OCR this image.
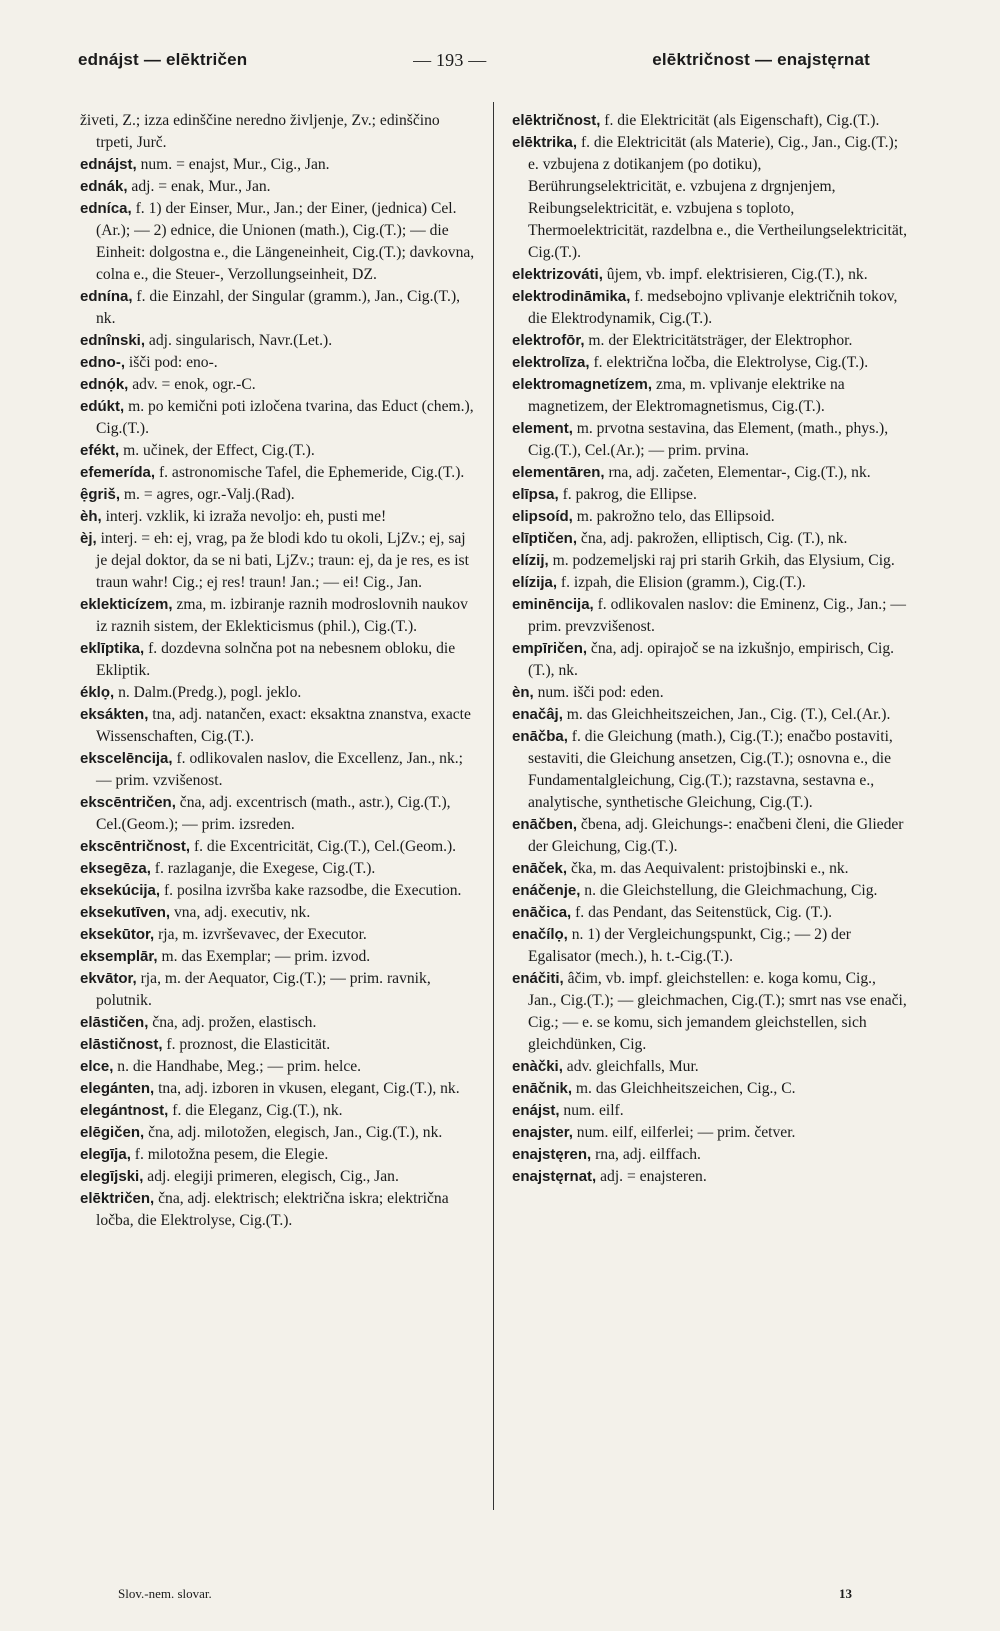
ednájst — elēktričen	— 193 —	elēktričnost — enajstęrnat

živeti, Z.; izza edinščine neredno življenje, Zv.; edinščino trpeti, Jurč.

ednájst, num. = enajst, Mur., Cig., Jan.

ednák, adj. = enak, Mur., Jan.

edníca, f. 1) der Einser, Mur., Jan.; der Einer, (jednica) Cel.(Ar.); — 2) ednice, die Unionen (math.), Cig.(T.); — die Einheit: dolgostna e., die Längeneinheit, Cig.(T.); davkovna, colna e., die Steuer-, Verzollungseinheit, DZ.

ednína, f. die Einzahl, der Singular (gramm.), Jan., Cig.(T.), nk.

ednînski, adj. singularisch, Navr.(Let.).

edno-, išči pod: eno-.

ednọ́k, adv. = enok, ogr.-C.

edúkt, m. po kemični poti izločena tvarina, das Educt (chem.), Cig.(T.).

efékt, m. učinek, der Effect, Cig.(T.).

efemerída, f. astronomische Tafel, die Ephemeride, Cig.(T.).

ẹ̑griš, m. = agres, ogr.-Valj.(Rad).

èh, interj. vzklik, ki izraža nevoljo: eh, pusti me!

èj, interj. = eh: ej, vrag, pa že blodi kdo tu okoli, LjZv.; ej, saj je dejal doktor, da se ni bati, LjZv.; traun: ej, da je res, es ist traun wahr! Cig.; ej res! traun! Jan.; — ei! Cig., Jan.

eklekticízem, zma, m. izbiranje raznih modroslovnih naukov iz raznih sistem, der Eklekticismus (phil.), Cig.(T.).

eklīptika, f. dozdevna solnčna pot na nebesnem obloku, die Ekliptik.

éklọ, n. Dalm.(Predg.), pogl. jeklo.

eksákten, tna, adj. natančen, exact: eksaktna znanstva, exacte Wissenschaften, Cig.(T.).

ekscelēncija, f. odlikovalen naslov, die Excellenz, Jan., nk.; — prim. vzvišenost.

ekscēntričen, čna, adj. excentrisch (math., astr.), Cig.(T.), Cel.(Geom.); — prim. izsreden.

ekscēntričnost, f. die Excentricität, Cig.(T.), Cel.(Geom.).

eksegēza, f. razlaganje, die Exegese, Cig.(T.).

eksekúcija, f. posilna izvršba kake razsodbe, die Execution.

eksekutīven, vna, adj. executiv, nk.

eksekūtor, rja, m. izvrševavec, der Executor.

eksemplār, m. das Exemplar; — prim. izvod.

ekvātor, rja, m. der Aequator, Cig.(T.); — prim. ravnik, polutnik.

elāstičen, čna, adj. prožen, elastisch.

elāstičnost, f. proznost, die Elasticität.

elce, n. die Handhabe, Meg.; — prim. helce.

elegánten, tna, adj. izboren in vkusen, elegant, Cig.(T.), nk.

elegántnost, f. die Eleganz, Cig.(T.), nk.

elēgičen, čna, adj. milotožen, elegisch, Jan., Cig.(T.), nk.

elegīja, f. milotožna pesem, die Elegie.

elegījski, adj. elegiji primeren, elegisch, Cig., Jan.

elēktričen, čna, adj. elektrisch; električna iskra; električna ločba, die Elektrolyse, Cig.(T.).

elēktričnost, f. die Elektricität (als Eigenschaft), Cig.(T.).

elēktrika, f. die Elektricität (als Materie), Cig., Jan., Cig.(T.); e. vzbujena z dotikanjem (po dotiku), Berührungselektricität, e. vzbujena z drgnjenjem, Reibungselektricität, e. vzbujena s toploto, Thermoelektricität, razdelbna e., die Vertheilungselektricität, Cig.(T.).

elektrizováti, ûjem, vb. impf. elektrisieren, Cig.(T.), nk.

elektrodināmika, f. medsebojno vplivanje električnih tokov, die Elektrodynamik, Cig.(T.).

elektrofōr, m. der Elektricitätsträger, der Elektrophor.

elektrolīza, f. električna ločba, die Elektrolyse, Cig.(T.).

elektromagnetízem, zma, m. vplivanje elektrike na magnetizem, der Elektromagnetismus, Cig.(T.).

element, m. prvotna sestavina, das Element, (math., phys.), Cig.(T.), Cel.(Ar.); — prim. prvina.

elementāren, rna, adj. začeten, Elementar-, Cig.(T.), nk.

elīpsa, f. pakrog, die Ellipse.

elipsoíd, m. pakrožno telo, das Ellipsoid.

elīptičen, čna, adj. pakrožen, elliptisch, Cig. (T.), nk.

elízij, m. podzemeljski raj pri starih Grkih, das Elysium, Cig.

elízija, f. izpah, die Elision (gramm.), Cig.(T.).

eminēncija, f. odlikovalen naslov: die Eminenz, Cig., Jan.; — prim. prevzvišenost.

empīričen, čna, adj. opirajoč se na izkušnjo, empirisch, Cig.(T.), nk.

èn, num. išči pod: eden.

enačâj, m. das Gleichheitszeichen, Jan., Cig. (T.), Cel.(Ar.).

enāčba, f. die Gleichung (math.), Cig.(T.); enačbo postaviti, sestaviti, die Gleichung ansetzen, Cig.(T.); osnovna e., die Fundamentalgleichung, Cig.(T.); razstavna, sestavna e., analytische, synthetische Gleichung, Cig.(T.).

enāčben, čbena, adj. Gleichungs-: enačbeni členi, die Glieder der Gleichung, Cig.(T.).

enāček, čka, m. das Aequivalent: pristojbinski e., nk.

enáčenje, n. die Gleichstellung, die Gleichmachung, Cig.

enāčica, f. das Pendant, das Seitenstück, Cig. (T.).

enačílọ, n. 1) der Vergleichungspunkt, Cig.; — 2) der Egalisator (mech.), h. t.-Cig.(T.).

enáčiti, âčim, vb. impf. gleichstellen: e. koga komu, Cig., Jan., Cig.(T.); — gleichmachen, Cig.(T.); smrt nas vse enači, Cig.; — e. se komu, sich jemandem gleichstellen, sich gleichdünken, Cig.

enàčki, adv. gleichfalls, Mur.

enāčnik, m. das Gleichheitszeichen, Cig., C.

enájst, num. eilf.

enajster, num. eilf, eilferlei; — prim. četver.

enajstęren, rna, adj. eilffach.

enajstęrnat, adj. = enajsteren.

Slov.-nem. slovar.	13
